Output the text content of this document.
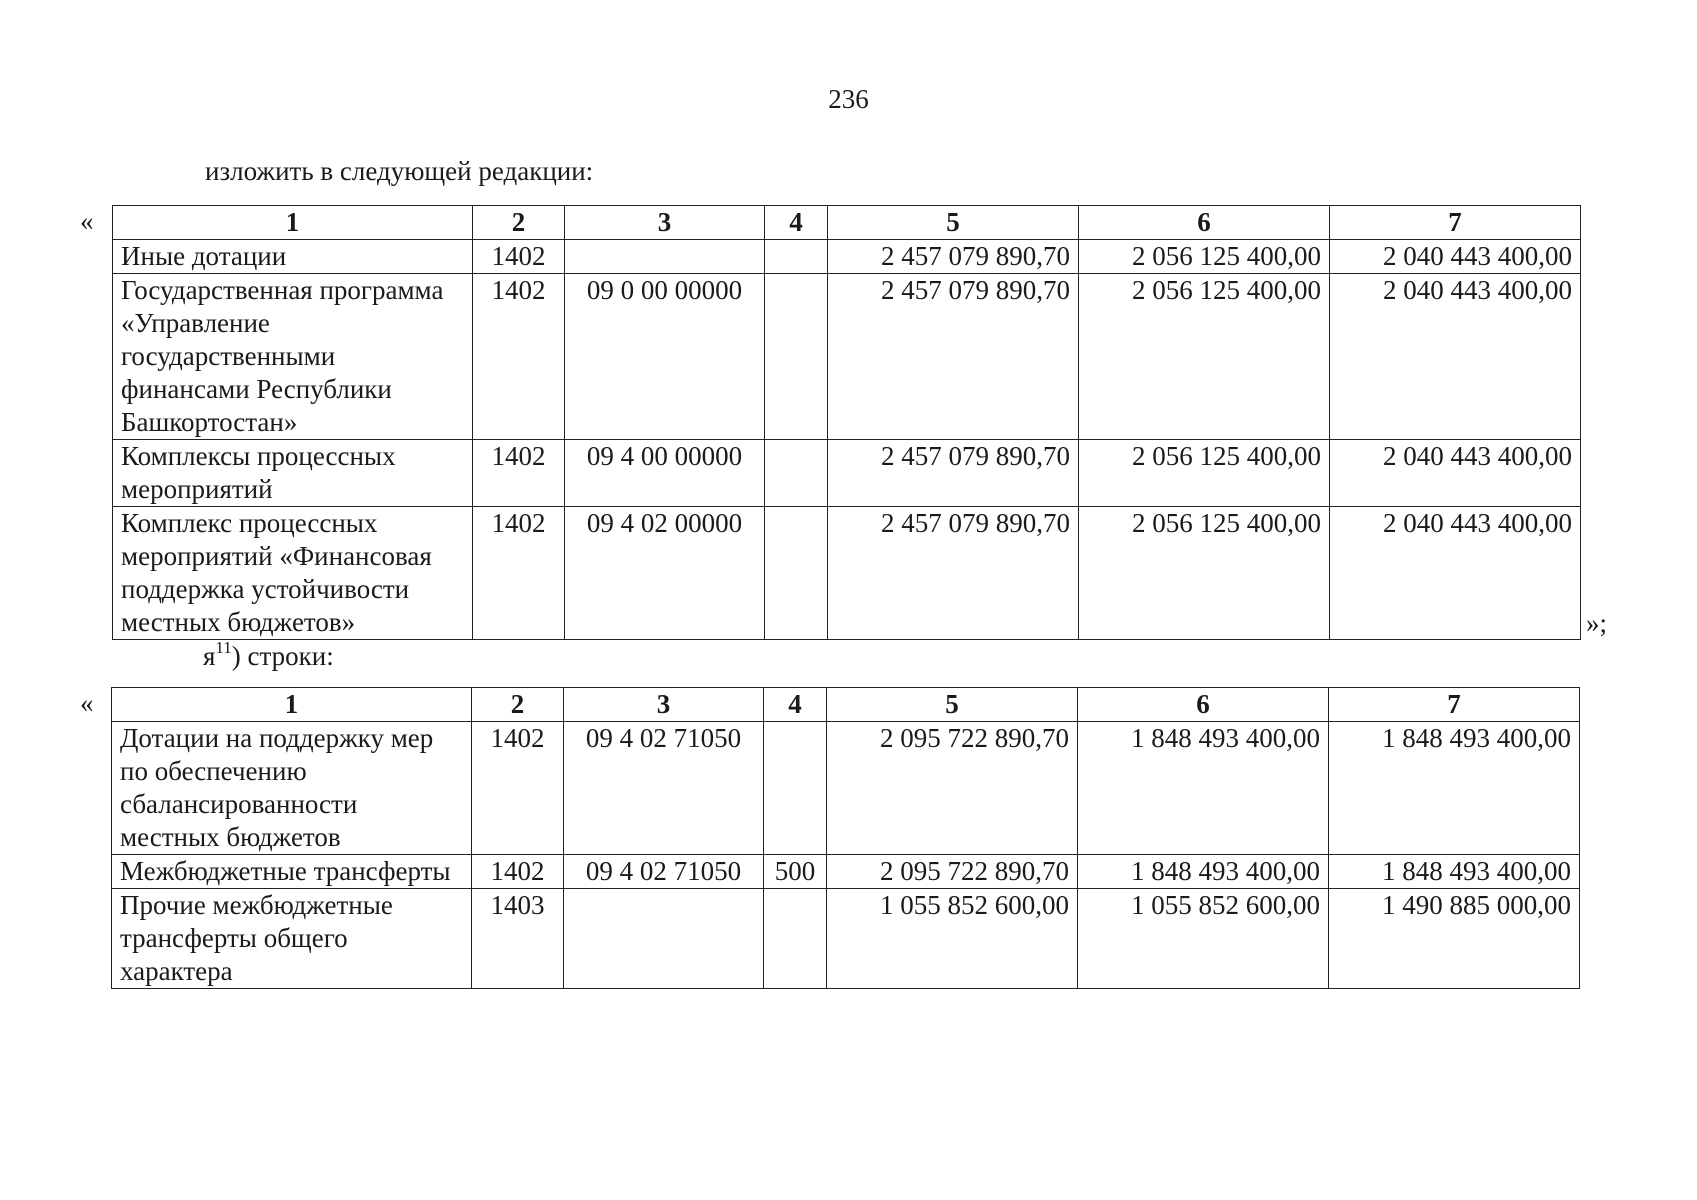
236
изложить в следующей редакции:
«	1	2	3	4	5	6	7
Иные дотации	1402			2 457 079 890,70	2 056 125 400,00	2 040 443 400,00
Государственная программа «Управление государственными финансами Республики Башкортостан»	1402	09 0 00 00000		2 457 079 890,70	2 056 125 400,00	2 040 443 400,00
Комплексы процессных мероприятий	1402	09 4 00 00000		2 457 079 890,70	2 056 125 400,00	2 040 443 400,00
Комплекс процессных мероприятий «Финансовая поддержка устойчивости местных бюджетов»	1402	09 4 02 00000		2 457 079 890,70	2 056 125 400,00	2 040 443 400,00
»;
$я^{11}$) строки:
«	1	2	3	4	5	6	7
Дотации на поддержку мер по обеспечению сбалансированности местных бюджетов	1402	09 4 02 71050		2 095 722 890,70	1 848 493 400,00	1 848 493 400,00
Межбюджетные трансферты	1402	09 4 02 71050	500	2 095 722 890,70	1 848 493 400,00	1 848 493 400,00
Прочие межбюджетные трансферты общего характера	1403			1 055 852 600,00	1 055 852 600,00	1 490 885 000,00
